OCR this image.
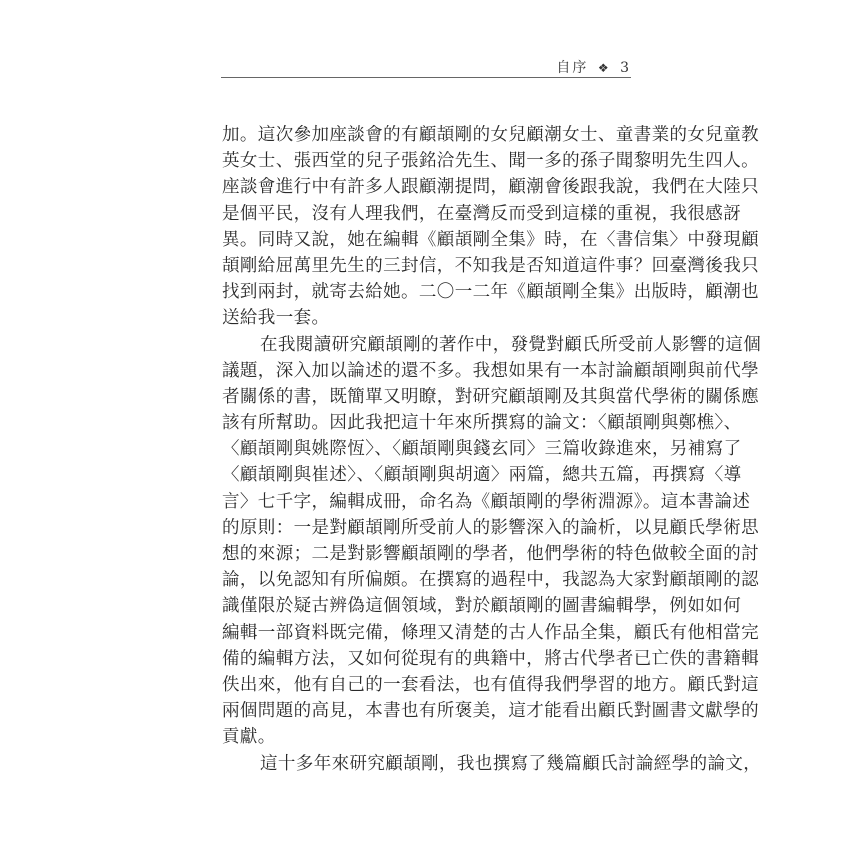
自序 ❖ 3
加。這次參加座談會的有顧頡剛的女兒顧潮女士、童書業的女兒童教
英女士、張西堂的兒子張銘洽先生、聞一多的孫子聞黎明先生四人。
座談會進行中有許多人跟顧潮提問，顧潮會後跟我說，我們在大陸只
是個平民，沒有人理我們，在臺灣反而受到這樣的重視，我很感訝
異。同時又說，她在編輯《顧頡剛全集》時，在〈書信集〉中發現顧
頡剛給屈萬里先生的三封信，不知我是否知道這件事？回臺灣後我只
找到兩封，就寄去給她。二〇一二年《顧頡剛全集》出版時，顧潮也
送給我一套。
在我閱讀研究顧頡剛的著作中，發覺對顧氏所受前人影響的這個
議題，深入加以論述的還不多。我想如果有一本討論顧頡剛與前代學
者關係的書，既簡單又明瞭，對研究顧頡剛及其與當代學術的關係應
該有所幫助。因此我把這十年來所撰寫的論文：〈顧頡剛與鄭樵〉、
〈顧頡剛與姚際恆〉、〈顧頡剛與錢玄同〉三篇收錄進來，另補寫了
〈顧頡剛與崔述〉、〈顧頡剛與胡適〉兩篇，總共五篇，再撰寫〈導
言〉七千字，編輯成冊，命名為《顧頡剛的學術淵源》。這本書論述
的原則：一是對顧頡剛所受前人的影響深入的論析，以見顧氏學術思
想的來源；二是對影響顧頡剛的學者，他們學術的特色做較全面的討
論，以免認知有所偏頗。在撰寫的過程中，我認為大家對顧頡剛的認
識僅限於疑古辨偽這個領域，對於顧頡剛的圖書編輯學，例如如何
編輯一部資料既完備，條理又清楚的古人作品全集，顧氏有他相當完
備的編輯方法，又如何從現有的典籍中，將古代學者已亡佚的書籍輯
佚出來，他有自己的一套看法，也有值得我們學習的地方。顧氏對這
兩個問題的高見，本書也有所褒美，這才能看出顧氏對圖書文獻學的
貢獻。
這十多年來研究顧頡剛，我也撰寫了幾篇顧氏討論經學的論文，
